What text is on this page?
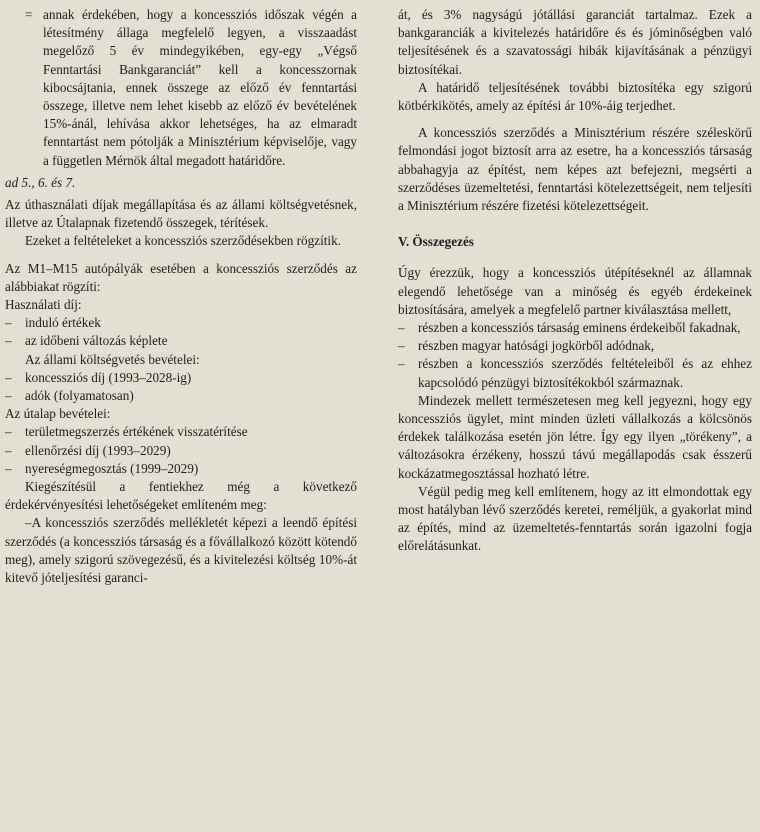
= annak érdekében, hogy a koncessziós időszak végén a létesítmény állaga megfelelő legyen, a visszaadást megelőző 5 év mindegyikében, egy-egy „Végső Fenntartási Bankgaranciát” kell a koncesszornak kibocsájtania, ennek összege az előző év fenntartási összege, illetve nem lehet kisebb az előző év bevételének 15%-ánál, lehívása akkor lehetséges, ha az elmaradt fenntartást nem pótolják a Minisztérium képviselője, vagy a független Mérnök által megadott határidőre.

ad 5., 6. és 7.

Az úthasználati díjak megállapítása és az állami költségvetésnek, illetve az Útalapnak fizetendő összegek, térítések.

Ezeket a feltételeket a koncessziós szerződésekben rögzítik.

Az M1–M15 autópályák esetében a koncessziós szerződés az alábbiakat rögzíti:

Használati díj:

–	induló értékek
–	az időbeni változás képlete

Az állami költségvetés bevételei:

–	koncessziós díj (1993–2028-ig)
–	adók (folyamatosan)

Az útalap bevételei:

–	területmegszerzés értékének visszatérítése
–	ellenőrzési díj (1993–2029)
–	nyereségmegosztás (1999–2029)

Kiegészítésül a fentiekhez még a következő érdekérvényesítési lehetőségeket említeném meg:

–A koncessziós szerződés mellékletét képezi a leendő építési szerződés (a koncessziós társaság és a fővállalkozó között kötendő meg), amely szigorú szövegezésű, és a kivitelezési költség 10%-át kitevő jóteljesítési garanci-

át, és 3% nagyságú jótállási garanciát tartalmaz. Ezek a bankgaranciák a kivitelezés határidőre és és jóminőségben való teljesítésének és a szavatossági hibák kijavításának a pénzügyi biztosítékai.

A határidő teljesítésének további biztosítéka egy szigorú kötbérkikötés, amely az építési ár 10%-áig terjedhet.

A koncessziós szerződés a Minisztérium részére széleskörű felmondási jogot biztosít arra az esetre, ha a koncessziós társaság abbahagyja az építést, nem képes azt befejezni, megsérti a szerződéses üzemeltetési, fenntartási kötelezettségeit, nem teljesíti a Minisztérium részére fizetési kötelezettségeit.

V. Összegezés

Úgy érezzük, hogy a koncessziós útépítéseknél az államnak elegendő lehetősége van a minőség és egyéb érdekeinek biztosítására, amelyek a megfelelő partner kiválasztása mellett,

–	részben a koncessziós társaság eminens érdekeiből fakadnak,
–	részben magyar hatósági jogkörből adódnak,
–	részben a koncessziós szerződés feltételeiből és az ehhez kapcsolódó pénzügyi biztosítékokból származnak.

Mindezek mellett természetesen meg kell jegyezni, hogy egy koncessziós ügylet, mint minden üzleti vállalkozás a kölcsönös érdekek találkozása esetén jön létre. Így egy ilyen „törékeny”, a változásokra érzékeny, hosszú távú megállapodás csak ésszerű kockázatmegosztással hozható létre.

Végül pedig meg kell említenem, hogy az itt elmondottak egy most hatályban lévő szerződés keretei, reméljük, a gyakorlat mind az építés, mind az üzemeltetés-fenntartás során igazolni fogja előrelátásunkat.
